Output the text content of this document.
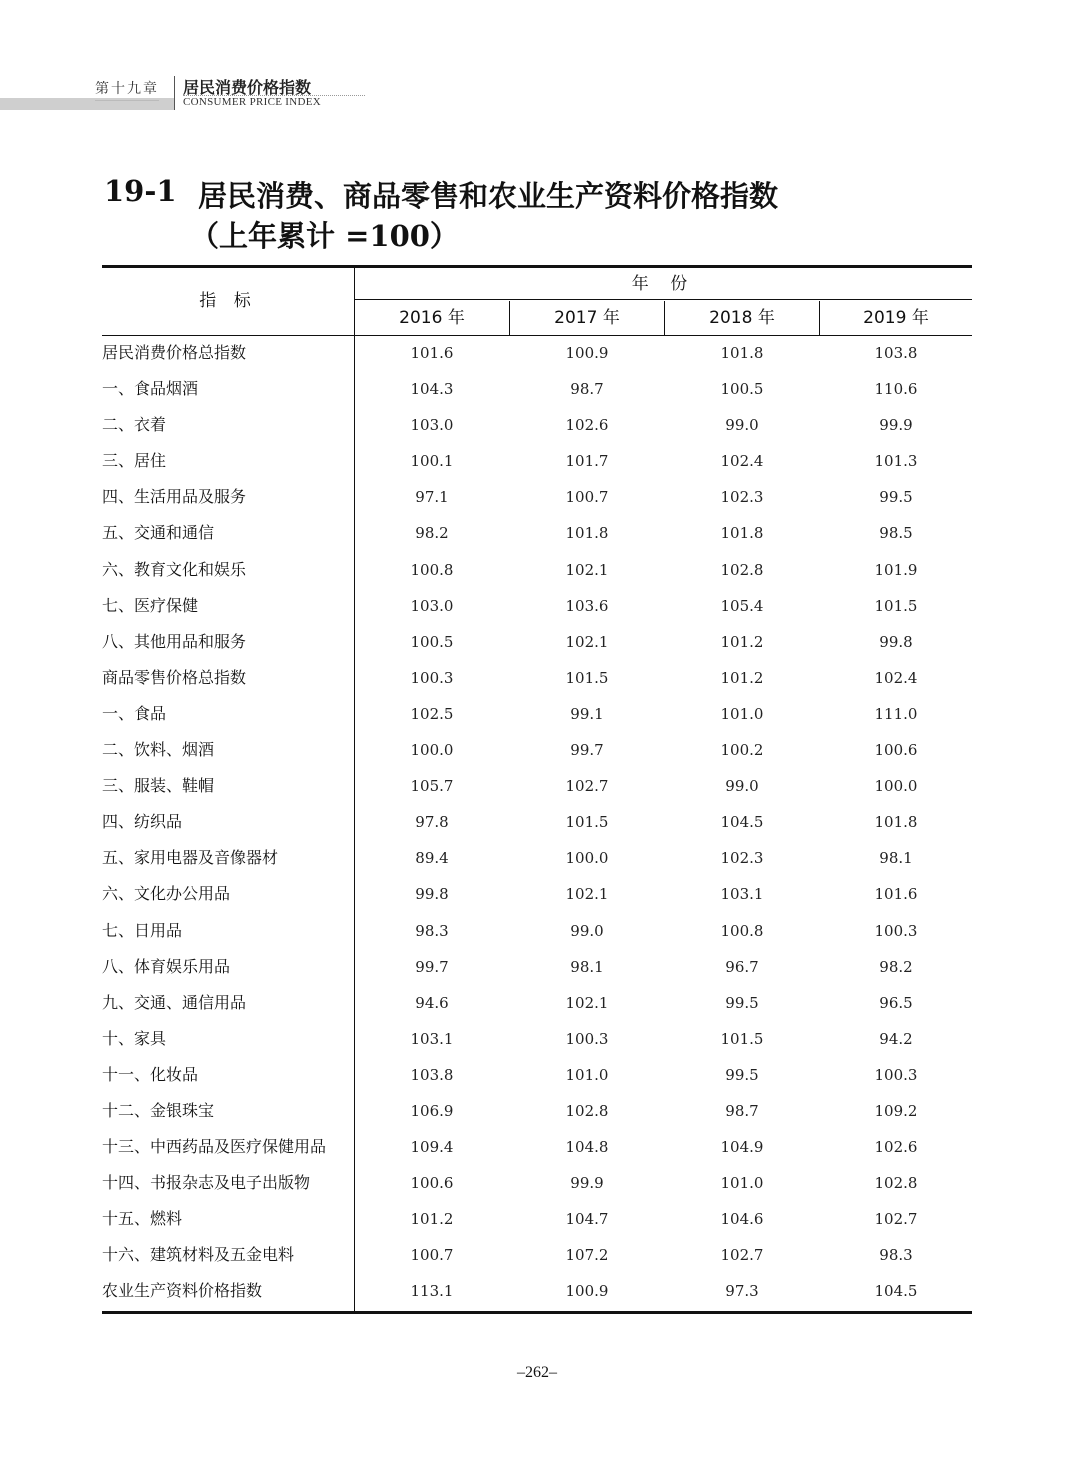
第十九章 居民消费价格指数
CONSUMER PRICE INDEX
19-1 居民消费、商品零售和农业生产资料价格指数
（上年累计 =100）
指 标
年 份
2016 年	2017 年	2018 年	2019 年
居民消费价格总指数	101.6	100.9	101.8	103.8
一、食品烟酒	104.3	98.7	100.5	110.6
二、衣着	103.0	102.6	99.0	99.9
三、居住	100.1	101.7	102.4	101.3
四、生活用品及服务	97.1	100.7	102.3	99.5
五、交通和通信	98.2	101.8	101.8	98.5
六、教育文化和娱乐	100.8	102.1	102.8	101.9
七、医疗保健	103.0	103.6	105.4	101.5
八、其他用品和服务	100.5	102.1	101.2	99.8
商品零售价格总指数	100.3	101.5	101.2	102.4
一、食品	102.5	99.1	101.0	111.0
二、饮料、烟酒	100.0	99.7	100.2	100.6
三、服装、鞋帽	105.7	102.7	99.0	100.0
四、纺织品	97.8	101.5	104.5	101.8
五、家用电器及音像器材	89.4	100.0	102.3	98.1
六、文化办公用品	99.8	102.1	103.1	101.6
七、日用品	98.3	99.0	100.8	100.3
八、体育娱乐用品	99.7	98.1	96.7	98.2
九、交通、通信用品	94.6	102.1	99.5	96.5
十、家具	103.1	100.3	101.5	94.2
十一、化妆品	103.8	101.0	99.5	100.3
十二、金银珠宝	106.9	102.8	98.7	109.2
十三、中西药品及医疗保健用品	109.4	104.8	104.9	102.6
十四、书报杂志及电子出版物	100.6	99.9	101.0	102.8
十五、燃料	101.2	104.7	104.6	102.7
十六、建筑材料及五金电料	100.7	107.2	102.7	98.3
农业生产资料价格指数	113.1	100.9	97.3	104.5
–262–
